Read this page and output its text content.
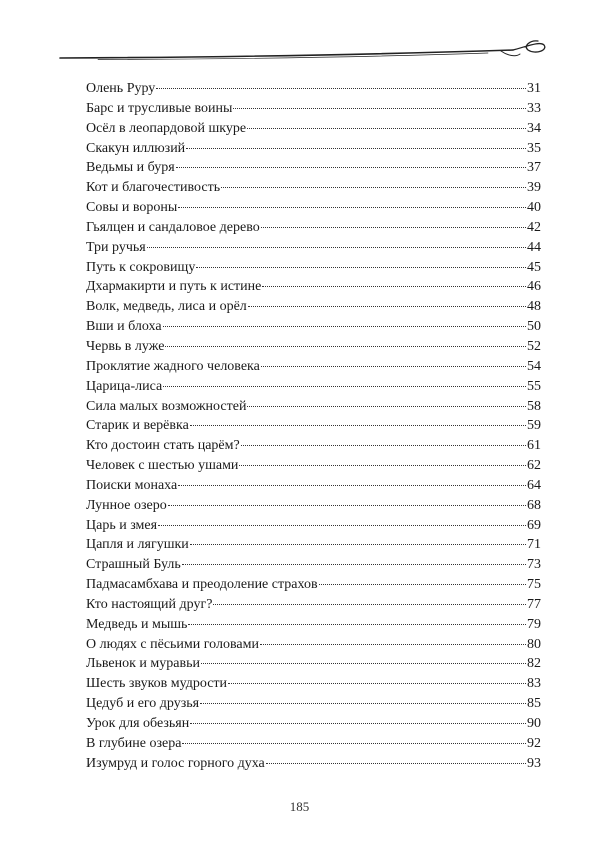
Олень Руру	31
Барс и трусливые воины	33
Осёл в леопардовой шкуре	34
Скакун иллюзий	35
Ведьмы и буря	37
Кот и благочестивость	39
Совы и вороны	40
Гьялцен и сандаловое дерево	42
Три ручья	44
Путь к сокровищу	45
Дхармакирти и путь к истине	46
Волк, медведь, лиса и орёл	48
Вши и блоха	50
Червь в луже	52
Проклятие жадного человека	54
Царица-лиса	55
Сила малых возможностей	58
Старик и верёвка	59
Кто достоин стать царём?	61
Человек с шестью ушами	62
Поиски монаха	64
Лунное озеро	68
Царь и змея	69
Цапля и лягушки	71
Страшный Буль	73
Падмасамбхава и преодоление страхов	75
Кто настоящий друг?	77
Медведь и мышь	79
О людях с пёсьими головами	80
Львенок и муравьи	82
Шесть звуков мудрости	83
Цедуб и его друзья	85
Урок для обезьян	90
В глубине озера	92
Изумруд и голос горного духа	93
185
